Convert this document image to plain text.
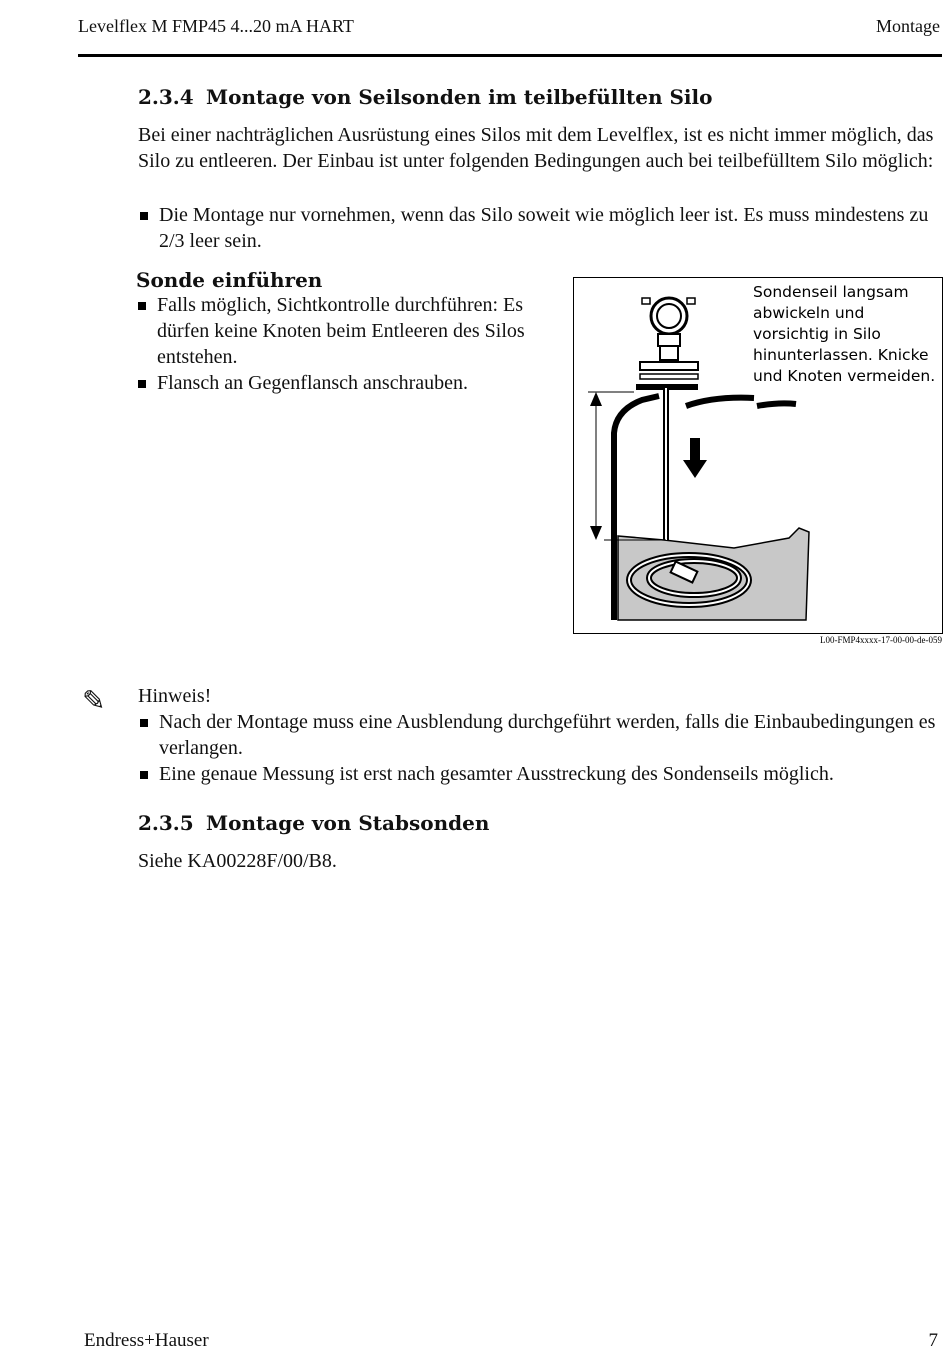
Levelflex M FMP45 4...20 mA HART	Montage
2.3.4 Montage von Seilsonden im teilbefüllten Silo

Bei einer nachträglichen Ausrüstung eines Silos mit dem Levelflex, ist es nicht immer möglich, das Silo zu entleeren. Der Einbau ist unter folgenden Bedingungen auch bei teilbefülltem Silo möglich:

Die Montage nur vornehmen, wenn das Silo soweit wie möglich leer ist. Es muss mindestens zu 2/3 leer sein.
Sonde einführen
Falls möglich, Sichtkontrolle durchführen: Es dürfen keine Knoten beim Entleeren des Silos entstehen.
Flansch an Gegenflansch anschrauben.
Sondenseil langsam abwickeln und vorsichtig in Silo hinunterlassen. Knicke und Knoten vermeiden.
L00-FMP4xxxx-17-00-00-de-059
✎ Hinweis!
Nach der Montage muss eine Ausblendung durchgeführt werden, falls die Einbaubedingungen es verlangen.
Eine genaue Messung ist erst nach gesamter Ausstreckung des Sondenseils möglich.
2.3.5 Montage von Stabsonden

Siehe KA00228F/00/B8.

Endress+Hauser	7
